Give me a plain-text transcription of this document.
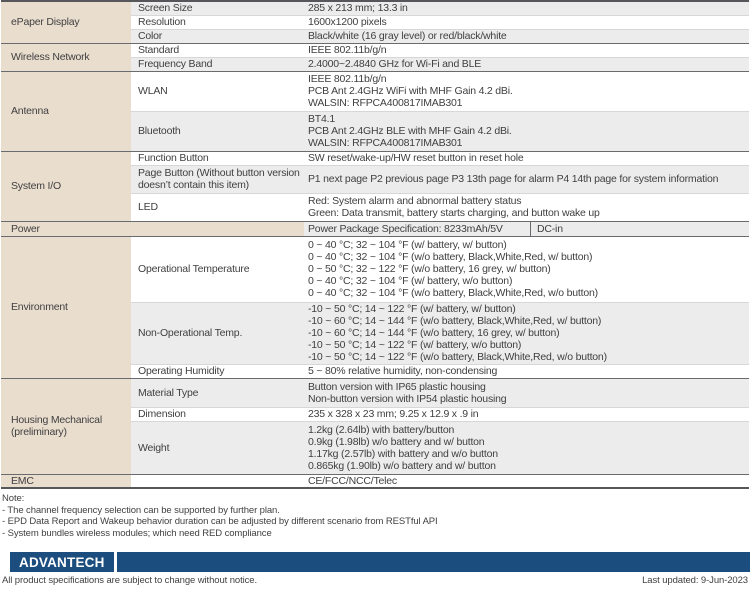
ePaper Display	Screen Size	285 x 213 mm; 13.3 in

	Resolution	1600x1200 pixels

	Color	Black/white (16 gray level) or red/black/white

Wireless Network	Standard	IEEE 802.11b/g/n

	Frequency Band	2.4000~2.4840 GHz for Wi-Fi and BLE

Antenna	WLAN	IEEE 802.11b/g/n
PCB Ant 2.4GHz WiFi with MHF Gain 4.2 dBi.
WALSIN: RFPCA400817IMAB301

	Bluetooth	BT4.1
PCB Ant 2.4GHz BLE with MHF Gain 4.2 dBi.
WALSIN: RFPCA400817IMAB301

System I/O	Function Button	SW reset/wake-up/HW reset button in reset hole

	Page Button (Without button version doesn’t contain this item)	P1 next page P2 previous page P3 13th page for alarm P4 14th page for system information

	LED	Red: System alarm and abnormal battery status
Green: Data transmit, battery starts charging, and button wake up

Power		Power Package Specification: 8233mAh/5V DC-in

Environment	Operational Temperature	0 ~ 40 °C; 32 ~ 104 °F (w/ battery, w/ button)
0 ~ 40 °C; 32 ~ 104 °F (w/o battery, Black,White,Red, w/ button)
0 ~ 50 °C; 32 ~ 122 °F (w/o battery, 16 grey, w/ button)
0 ~ 40 °C; 32 ~ 104 °F (w/ battery, w/o button)
0 ~ 40 °C; 32 ~ 104 °F (w/o battery, Black,White,Red, w/o button)

	Non-Operational Temp.	-10 ~ 50 °C; 14 ~ 122 °F (w/ battery, w/ button)
-10 ~ 60 °C; 14 ~ 144 °F (w/o battery, Black,White,Red, w/ button)
-10 ~ 60 °C; 14 ~ 144 °F (w/o battery, 16 grey, w/ button)
-10 ~ 50 °C; 14 ~ 122 °F (w/ battery, w/o button)
-10 ~ 50 °C; 14 ~ 122 °F (w/o battery, Black,White,Red, w/o button)

	Operating Humidity	5 ~ 80% relative humidity, non-condensing

Housing Mechanical (preliminary)	Material Type	Button version with IP65 plastic housing
Non-button version with IP54 plastic housing

	Dimension	235 x 328 x 23 mm; 9.25 x 12.9 x .9 in

	Weight	1.2kg (2.64lb) with battery/button
0.9kg (1.98lb) w/o battery and w/ button
1.17kg (2.57lb) with battery and w/o button
0.865kg (1.90lb) w/o battery and w/ button

EMC		CE/FCC/NCC/Telec
Note:
- The channel frequency selection can be supported by further plan.
- EPD Data Report and Wakeup behavior duration can be adjusted by different scenario from RESTful API
- System bundles wireless modules; which need RED compliance
ADVANTECH
All product specifications are subject to change without notice.	Last updated: 9-Jun-2023
